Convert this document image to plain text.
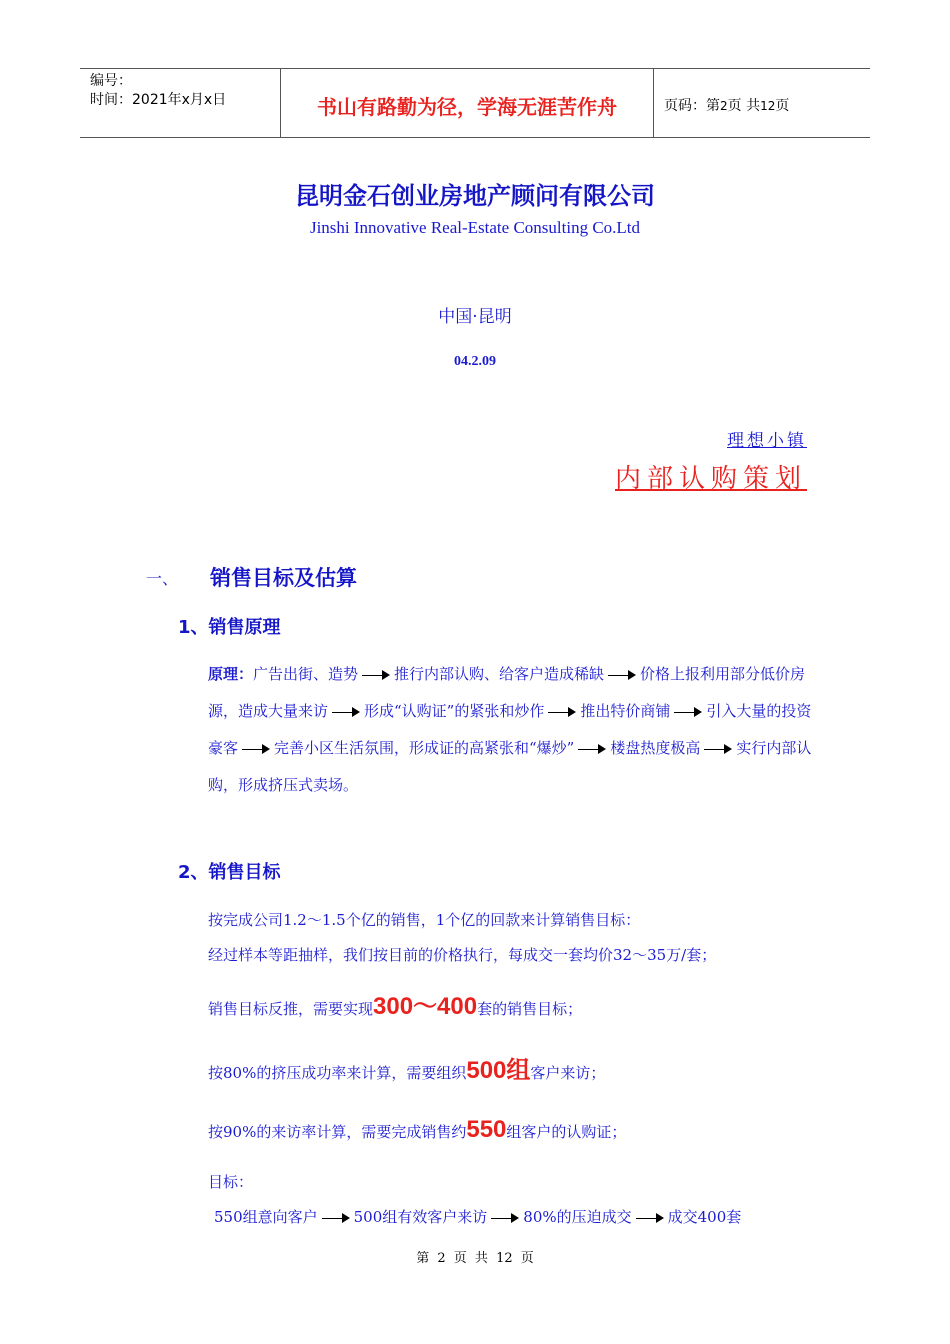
编号：
时间：2021年x月x日	书山有路勤为径，学海无涯苦作舟	页码：第2页 共12页
昆明金石创业房地产顾问有限公司
Jinshi Innovative Real-Estate Consulting Co.Ltd
中国·昆明
04.2.09
理想小镇
内部认购策划
一、 销售目标及估算
1、销售原理
原理：广告出街、造势 推行内部认购、给客户造成稀缺 价格上报利用部分低价房源，造成大量来访 形成“认购证”的紧张和炒作 推出特价商铺 引入大量的投资豪客 完善小区生活氛围，形成证的高紧张和“爆炒” 楼盘热度极高 实行内部认购，形成挤压式卖场。
2、销售目标
按完成公司1.2～1.5个亿的销售，1个亿的回款来计算销售目标：
经过样本等距抽样，我们按目前的价格执行，每成交一套均价32～35万/套；
销售目标反推，需要实现300～400套的销售目标；
按80%的挤压成功率来计算，需要组织500组客户来访；
按90%的来访率计算，需要完成销售约550组客户的认购证；
目标：
550组意向客户 500组有效客户来访 80%的压迫成交 成交400套
第 2 页 共 12 页
